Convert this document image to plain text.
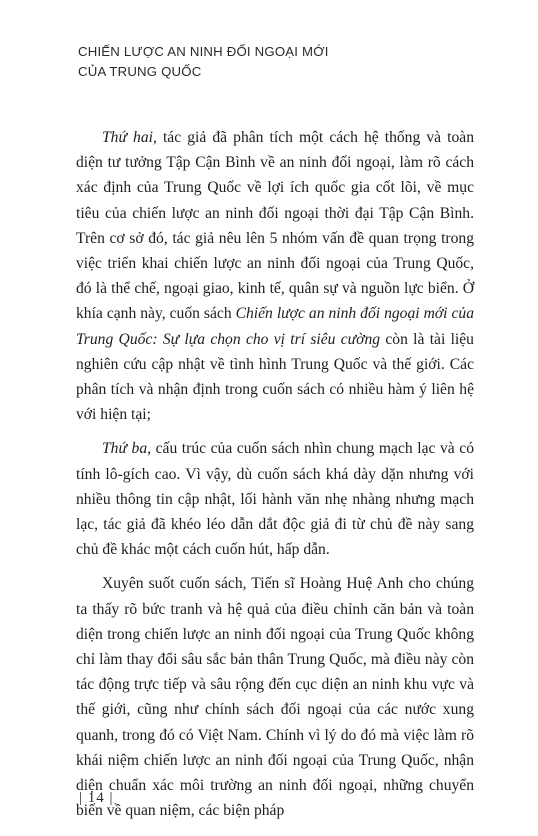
CHIẾN LƯỢC AN NINH ĐỐI NGOẠI MỚI
CỦA TRUNG QUỐC

Thứ hai, tác giả đã phân tích một cách hệ thống và toàn diện tư tưởng Tập Cận Bình về an ninh đối ngoại, làm rõ cách xác định của Trung Quốc về lợi ích quốc gia cốt lõi, về mục tiêu của chiến lược an ninh đối ngoại thời đại Tập Cận Bình. Trên cơ sở đó, tác giả nêu lên 5 nhóm vấn đề quan trọng trong việc triển khai chiến lược an ninh đối ngoại của Trung Quốc, đó là thể chế, ngoại giao, kinh tế, quân sự và nguồn lực biển. Ở khía cạnh này, cuốn sách Chiến lược an ninh đối ngoại mới của Trung Quốc: Sự lựa chọn cho vị trí siêu cường còn là tài liệu nghiên cứu cập nhật về tình hình Trung Quốc và thế giới. Các phân tích và nhận định trong cuốn sách có nhiều hàm ý liên hệ với hiện tại;

Thứ ba, cấu trúc của cuốn sách nhìn chung mạch lạc và có tính lô-gích cao. Vì vậy, dù cuốn sách khá dày dặn nhưng với nhiều thông tin cập nhật, lối hành văn nhẹ nhàng nhưng mạch lạc, tác giả đã khéo léo dẫn dắt độc giả đi từ chủ đề này sang chủ đề khác một cách cuốn hút, hấp dẫn.

Xuyên suốt cuốn sách, Tiến sĩ Hoàng Huệ Anh cho chúng ta thấy rõ bức tranh và hệ quả của điều chỉnh căn bản và toàn diện trong chiến lược an ninh đối ngoại của Trung Quốc không chỉ làm thay đổi sâu sắc bản thân Trung Quốc, mà điều này còn tác động trực tiếp và sâu rộng đến cục diện an ninh khu vực và thế giới, cũng như chính sách đối ngoại của các nước xung quanh, trong đó có Việt Nam. Chính vì lý do đó mà việc làm rõ khái niệm chiến lược an ninh đối ngoại của Trung Quốc, nhận diện chuẩn xác môi trường an ninh đối ngoại, những chuyển biến về quan niệm, các biện pháp

| 14 |
